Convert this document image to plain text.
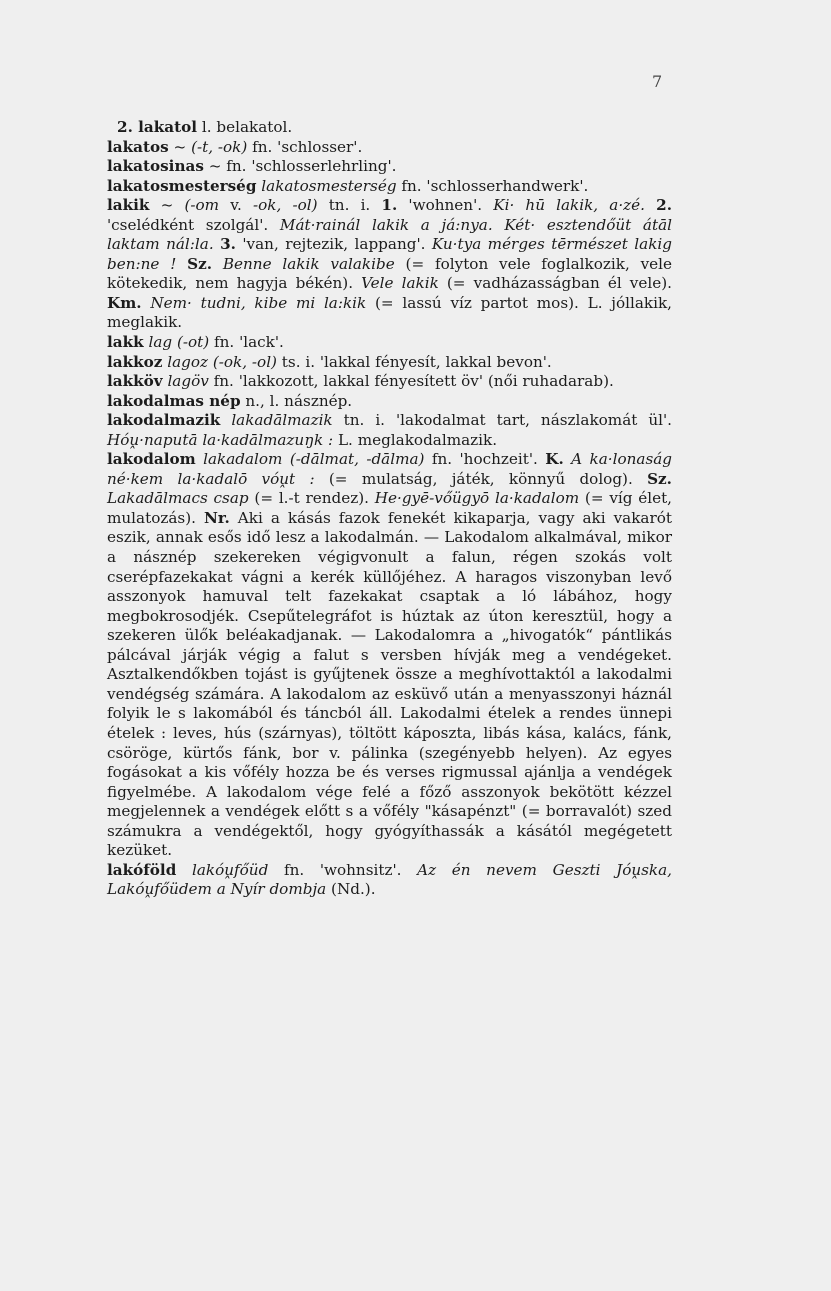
7

2. lakatol l. belakatol.

lakatos ~ (-t, -ok) fn. 'schlosser'.

lakatosinas ~ fn. 'schlosserlehrling'.

lakatosmesterség lakatosmesterség fn. 'schlosserhandwerk'.

lakik ~ (-om v. -ok, -ol) tn. i. 1. 'wohnen'. Ki· hū lakik, a·zé. 2. 'cselédként szolgál'. Mát·rainál lakik a já:nya. Két· esztendőüt átāl laktam nál:la. 3. 'van, rejtezik, lappang'. Ku·tya mérges tērmészet lakig ben:ne ! Sz. Benne lakik valakibe (= folyton vele foglalkozik, vele kötekedik, nem hagyja békén). Vele lakik (= vadházasságban él vele). Km. Nem· tudni, kibe mi la:kik (= lassú víz partot mos). L. jóllakik, meglakik.

lakk lag (-ot) fn. 'lack'.

lakkoz lagoz (-ok, -ol) ts. i. 'lakkal fényesít, lakkal bevon'.

lakköv lagöv fn. 'lakkozott, lakkal fényesített öv' (női ruhadarab).

lakodalmas nép n., l. násznép.

lakodalmazik lakadālmazik tn. i. 'lakodalmat tart, nászlakomát ül'. Hóṷ·naputā la·kadālmazuŋk : L. meglakodalmazik.

lakodalom lakadalom (-dālmat, -dālma) fn. 'hochzeit'. K. A ka·lonaság né·kem la·kadalō vóṷt : (= mulatság, játék, könnyű dolog). Sz. Lakadālmacs csap (= l.-t rendez). He·gyē-vőügyō la·kadalom (= víg élet, mulatozás). Nr. Aki a kásás fazok fenekét kikaparja, vagy aki vakarót eszik, annak esős idő lesz a lakodalmán. — Lakodalom alkalmával, mikor a násznép szekereken végigvonult a falun, régen szokás volt cserépfazekakat vágni a kerék küllőjéhez. A haragos viszonyban levő asszonyok hamuval telt fazekakat csaptak a ló lábához, hogy megbokrosodjék. Csepűtelegráfot is húztak az úton keresztül, hogy a szekeren ülők beléakadjanak. — Lakodalomra a „hivogatók“ pántlikás pálcával járják végig a falut s versben hívják meg a vendégeket. Asztalkendőkben tojást is gyűjtenek össze a meghívottaktól a lakodalmi vendégség számára. A lakodalom az esküvő után a menyasszonyi háznál folyik le s lakomából és táncból áll. Lakodalmi ételek a rendes ünnepi ételek : leves, hús (szárnyas), töltött káposzta, libás kása, kalács, fánk, csöröge, kürtős fánk, bor v. pálinka (szegényebb helyen). Az egyes fogásokat a kis vőfély hozza be és verses rigmussal ajánlja a vendégek figyelmébe. A lakodalom vége felé a főző asszonyok bekötött kézzel megjelennek a vendégek előtt s a vőfély "kásapénzt" (= borravalót) szed számukra a vendégektől, hogy gyógyíthassák a kásától megégetett kezüket.

lakóföld lakóṷfőüd fn. 'wohnsitz'. Az én nevem Geszti Jóṷska, Lakóṷfőüdem a Nyír dombja (Nd.).
